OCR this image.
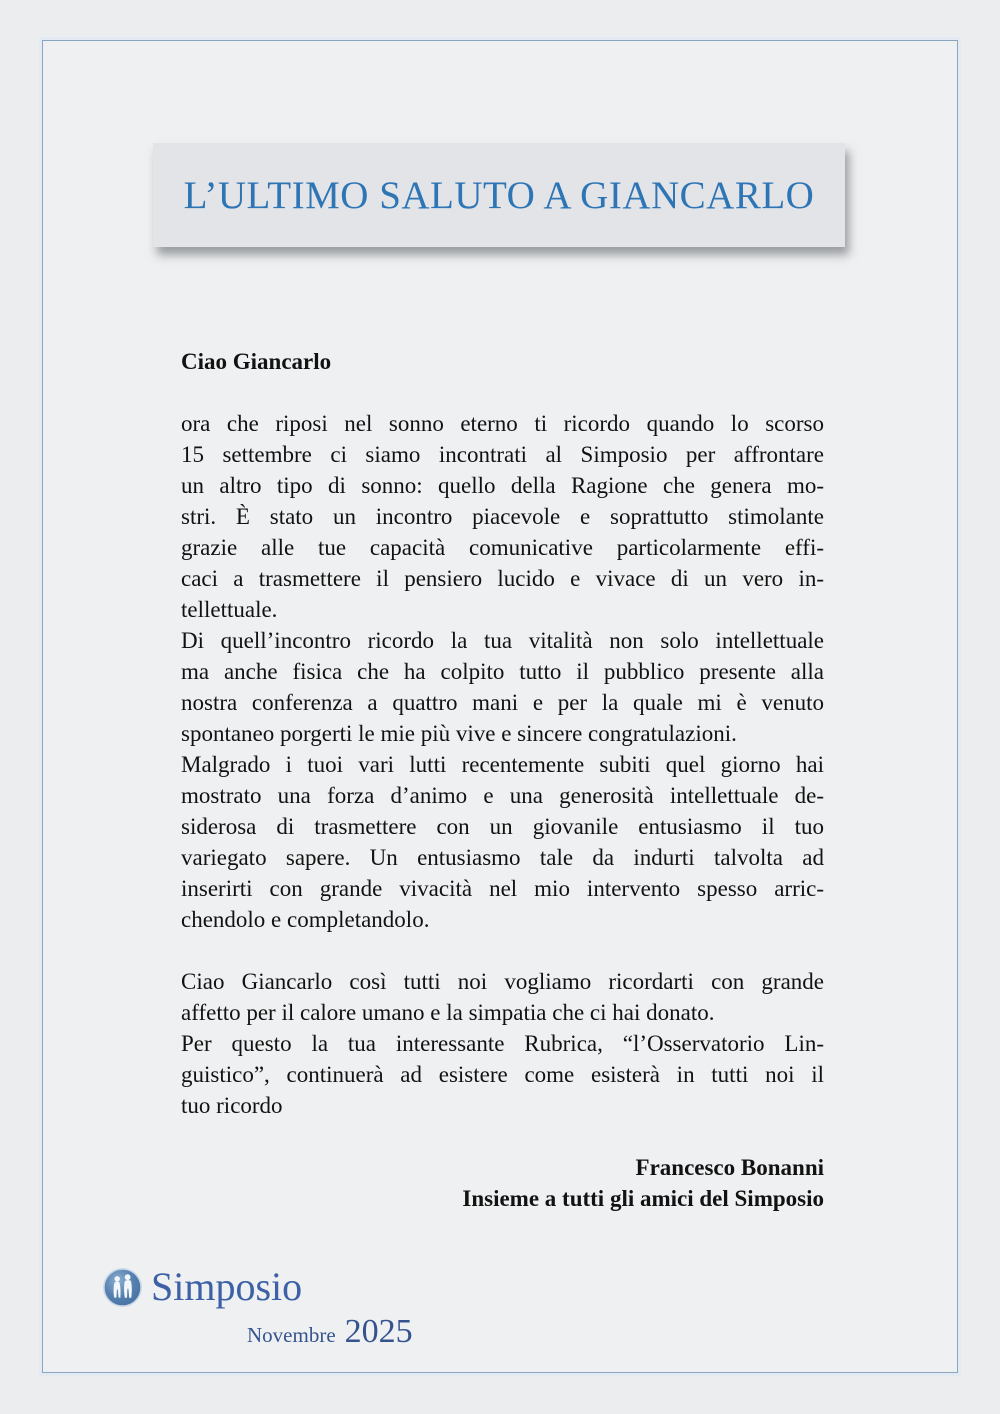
L’ULTIMO SALUTO A GIANCARLO
Ciao Giancarlo
ora che riposi nel sonno eterno ti ricordo quando lo scorso
15 settembre ci siamo incontrati al Simposio per affrontare
un altro tipo di sonno: quello della Ragione che genera mo-
stri. È stato un incontro piacevole e soprattutto stimolante
grazie alle tue capacità comunicative particolarmente effi-
caci a trasmettere il pensiero lucido e vivace di un vero in-
tellettuale.
Di quell’incontro ricordo la tua vitalità non solo intellettuale
ma anche fisica che ha colpito tutto il pubblico presente alla
nostra conferenza a quattro mani e per la quale mi è venuto
spontaneo porgerti le mie più vive e sincere congratulazioni.
Malgrado i tuoi vari lutti recentemente subiti quel giorno hai
mostrato una forza d’animo e una generosità intellettuale de-
siderosa di trasmettere con un giovanile entusiasmo il tuo
variegato sapere. Un entusiasmo tale da indurti talvolta ad
inserirti con grande vivacità nel mio intervento spesso arric-
chendolo e completandolo.
Ciao Giancarlo così tutti noi vogliamo ricordarti con grande
affetto per il calore umano e la simpatia che ci hai donato.
Per questo la tua interessante Rubrica, “l’Osservatorio Lin-
guistico”, continuerà ad esistere come esisterà in tutti noi il
tuo ricordo
Francesco Bonanni
Insieme a tutti gli amici del Simposio
Simposio
Novembre 2025
